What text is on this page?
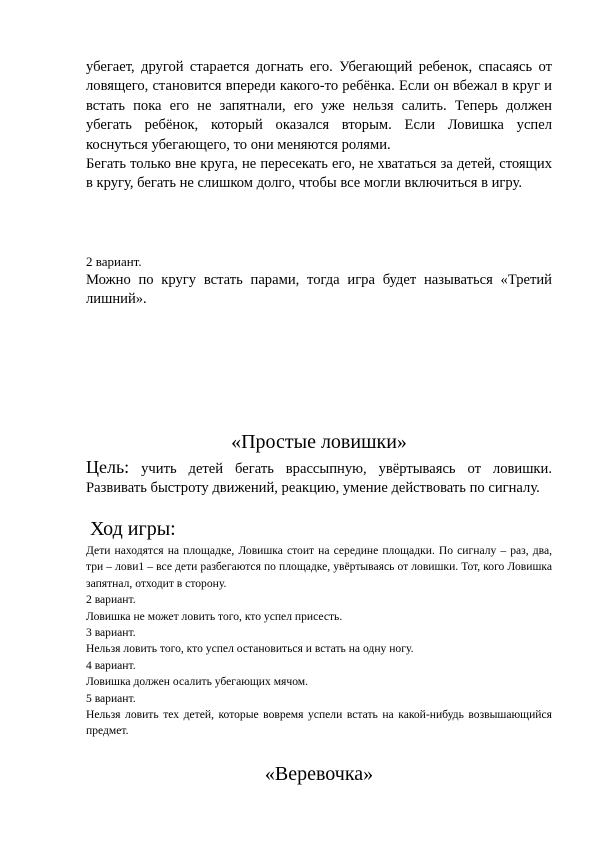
убегает, другой старается догнать его. Убегающий ребенок, спасаясь от ловящего, становится впереди какого-то ребёнка. Если он вбежал в круг и встать пока его не запятнали, его уже нельзя салить. Теперь должен убегать ребёнок, который оказался вторым. Если Ловишка успел коснуться убегающего, то они меняются ролями.

Бегать только вне круга, не пересекать его, не хвататься за детей, стоящих в кругу, бегать не слишком долго, чтобы все могли включиться в игру.

2 вариант.

Можно по кругу встать парами, тогда игра будет называться «Третий лишний».

«Простые ловишки»

Цель: учить детей бегать врассыпную, увёртываясь от ловишки. Развивать быстроту движений, реакцию, умение действовать по сигналу.

Ход игры:

Дети находятся на площадке, Ловишка стоит на середине площадки. По сигналу – раз, два, три – лови1 – все дети разбегаются по площадке, увёртываясь от ловишки. Тот, кого Ловишка запятнал, отходит в сторону.

2 вариант.

Ловишка не может ловить того, кто успел присесть.

3 вариант.

Нельзя ловить того, кто успел остановиться и встать на одну ногу.

4 вариант.

Ловишка должен осалить убегающих мячом.

5 вариант.

Нельзя ловить тех детей, которые вовремя успели встать на какой-нибудь возвышающийся предмет.

«Веревочка»
